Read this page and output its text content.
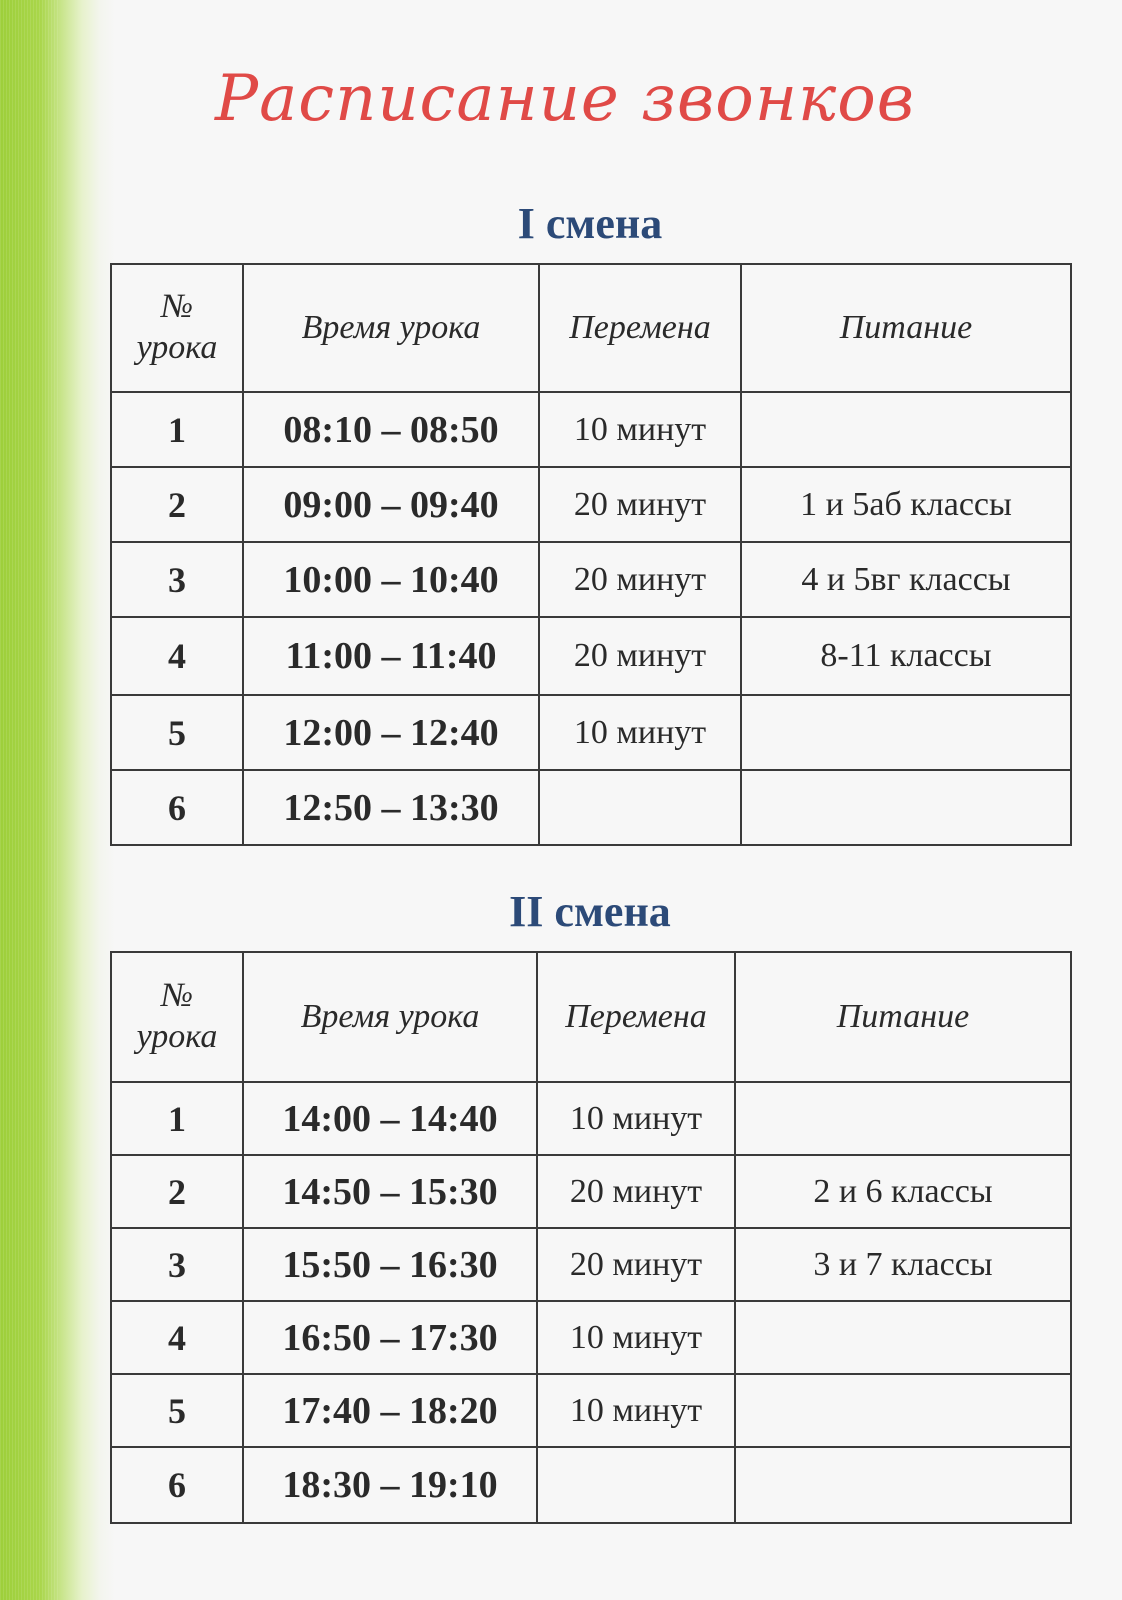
Расписание звонков
I смена
№
урока	Время урока	Перемена	Питание
1	08:10 – 08:50	10 минут	
2	09:00 – 09:40	20 минут	1 и 5аб классы
3	10:00 – 10:40	20 минут	4 и 5вг классы
4	11:00 – 11:40	20 минут	8-11 классы
5	12:00 – 12:40	10 минут	
6	12:50 – 13:30		
II смена
№
урока	Время урока	Перемена	Питание
1	14:00 – 14:40	10 минут	
2	14:50 – 15:30	20 минут	2 и 6 классы
3	15:50 – 16:30	20 минут	3 и 7 классы
4	16:50 – 17:30	10 минут	
5	17:40 – 18:20	10 минут	
6	18:30 – 19:10		
